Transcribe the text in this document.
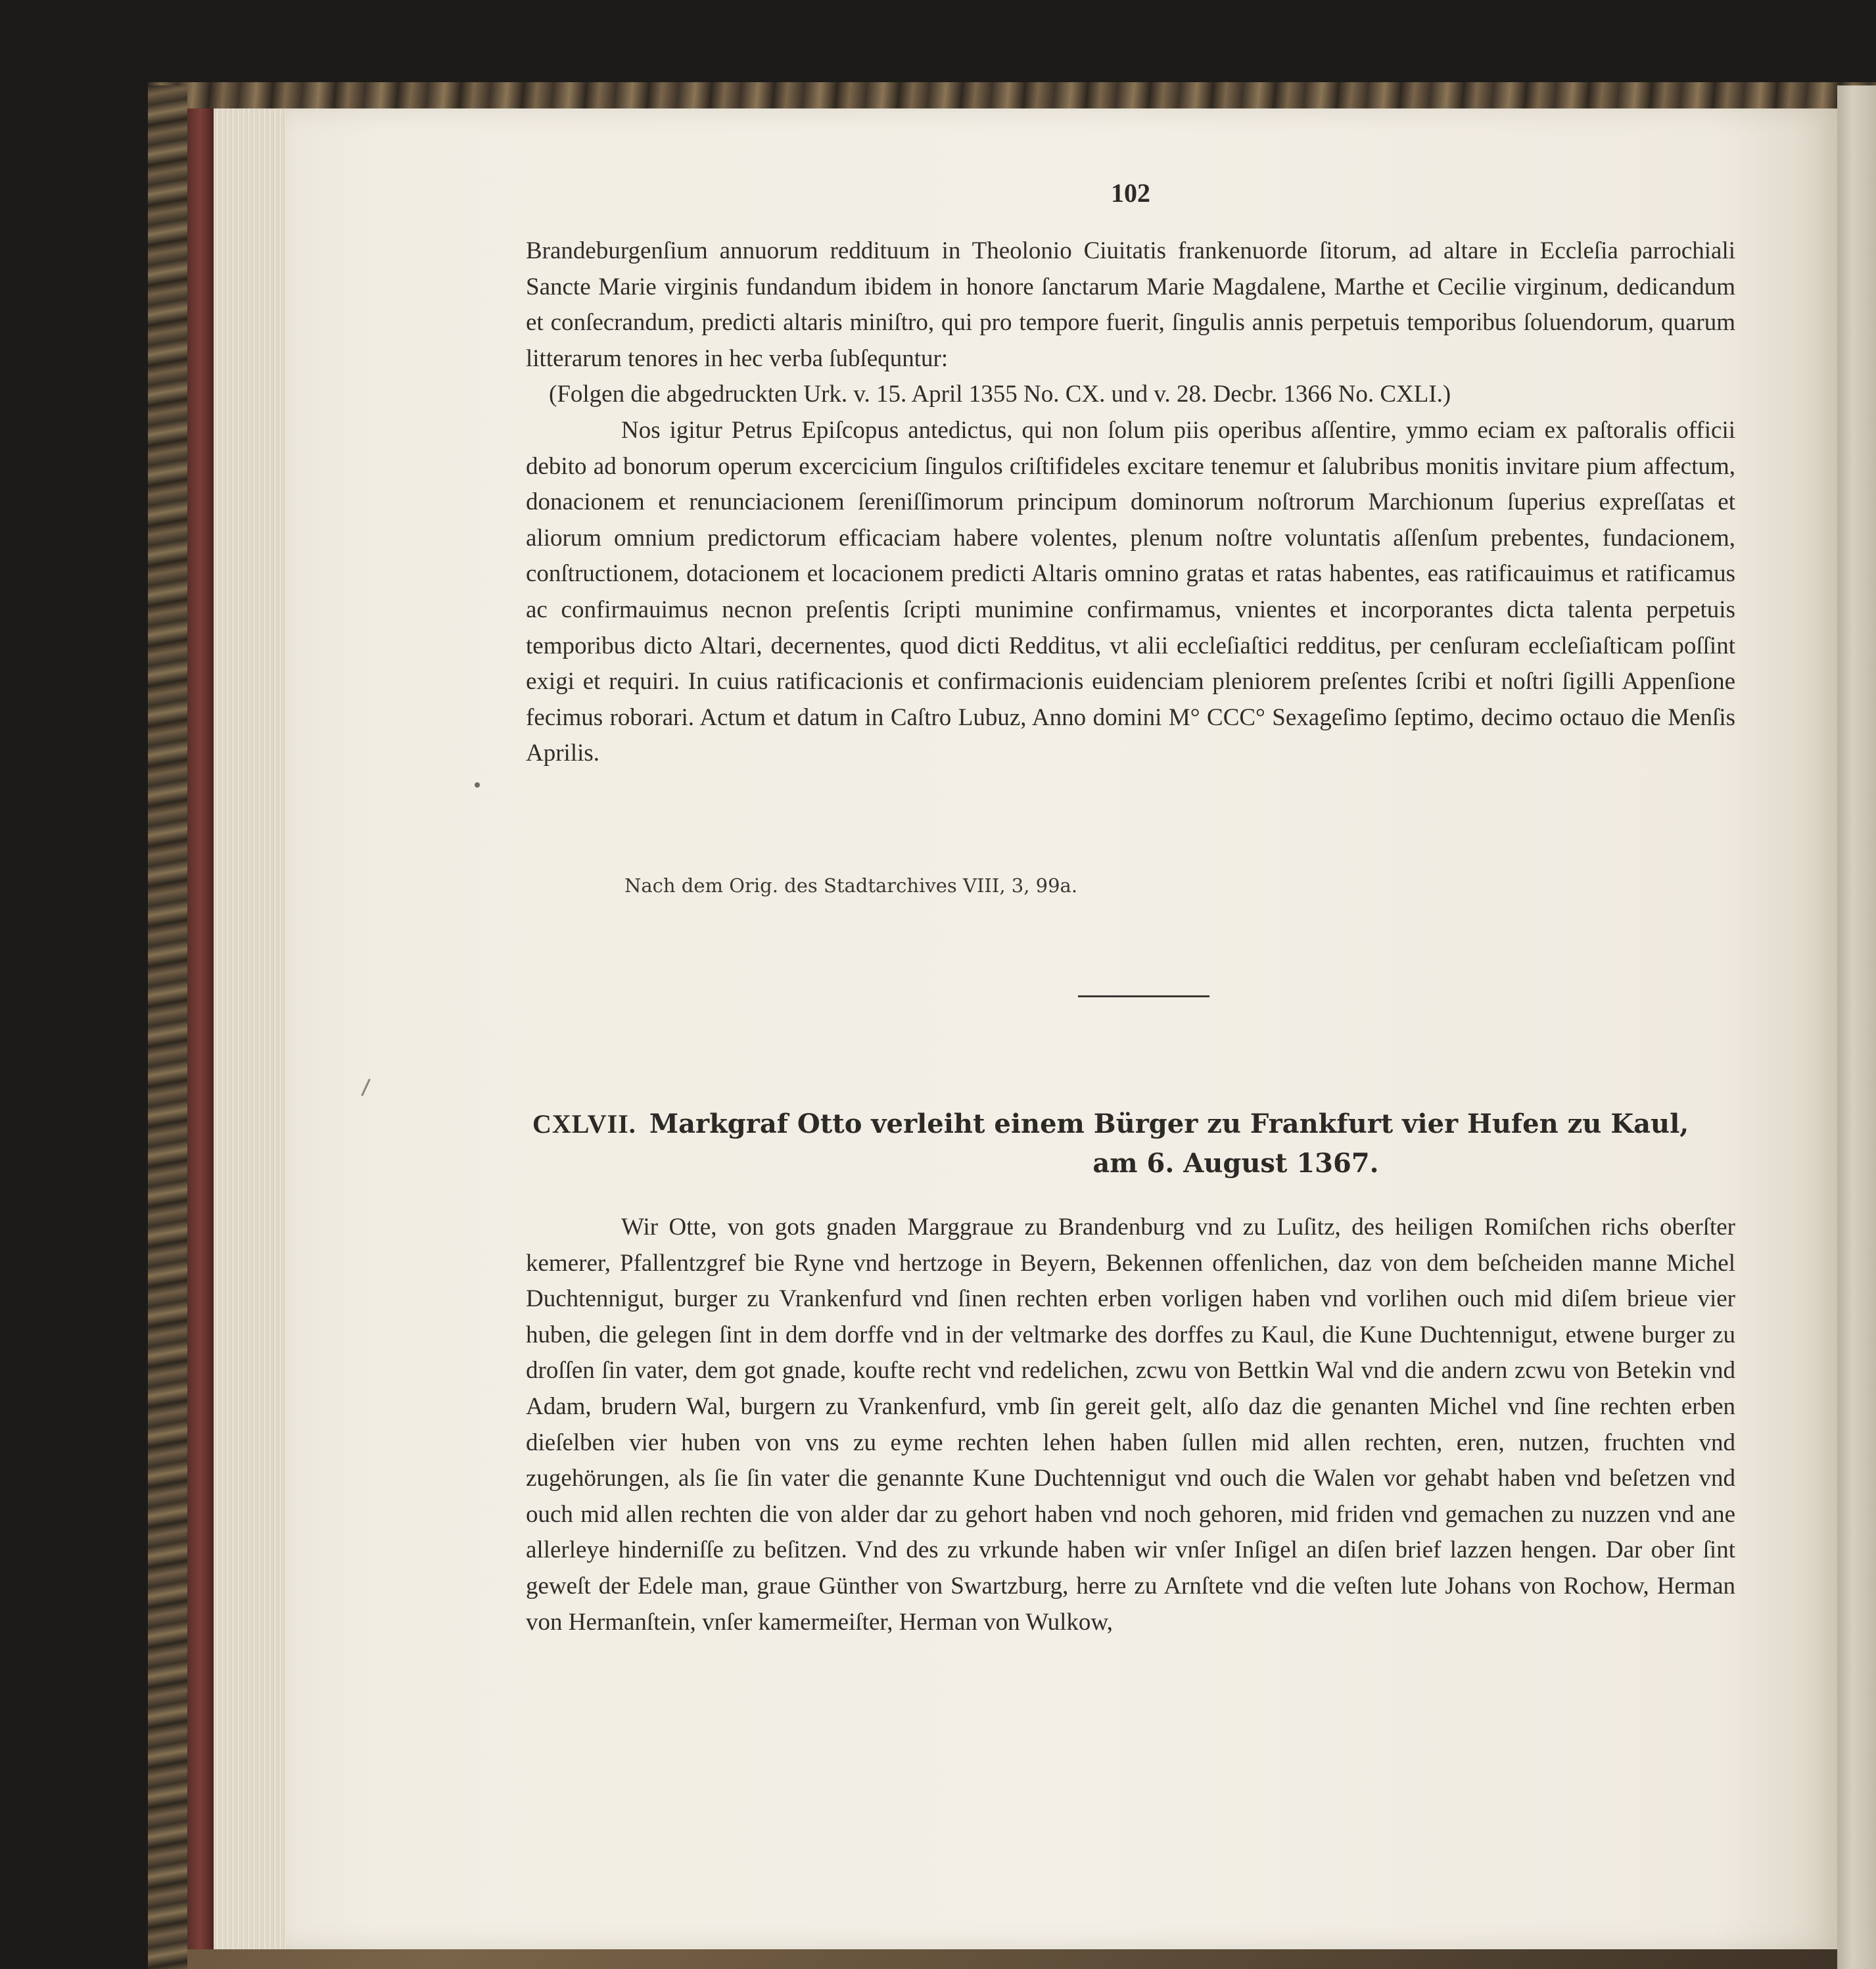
102

Brandeburgenſium annuorum reddituum in Theolonio Ciuitatis frankenuorde ſitorum, ad altare in Eccleſia parrochiali Sancte Marie virginis fundandum ibidem in honore ſanctarum Marie Magdalene, Marthe et Cecilie virginum, dedicandum et conſecrandum, predicti altaris miniſtro, qui pro tempore fuerit, ſingulis annis perpetuis temporibus ſoluendorum, quarum litterarum tenores in hec verba ſubſequntur:

(Folgen die abgedruckten Urk. v. 15. April 1355 No. CX. und v. 28. Decbr. 1366 No. CXLI.)

Nos igitur Petrus Epiſcopus antedictus, qui non ſolum piis operibus aſſentire, ymmo eciam ex paſtoralis officii debito ad bonorum operum excercicium ſingulos criſtifideles excitare tenemur et ſalubribus monitis invitare pium affectum, donacionem et renunciacionem ſereniſſimorum principum dominorum noſtrorum Marchionum ſuperius expreſſatas et aliorum omnium predictorum efficaciam habere volentes, plenum noſtre voluntatis aſſenſum prebentes, fundacionem, conſtructionem, dotacionem et locacionem predicti Altaris omnino gratas et ratas habentes, eas ratificauimus et ratificamus ac confirmauimus necnon preſentis ſcripti munimine confirmamus, vnientes et incorporantes dicta talenta perpetuis temporibus dicto Altari, decernentes, quod dicti Redditus, vt alii eccleſiaſtici redditus, per cenſuram eccleſiaſticam poſſint exigi et requiri. In cuius ratificacionis et confirmacionis euidenciam pleniorem preſentes ſcribi et noſtri ſigilli Appenſione fecimus roborari. Actum et datum in Caſtro Lubuz, Anno domini M° CCC° Sexageſimo ſeptimo, decimo octauo die Menſis Aprilis.

Nach dem Orig. des Stadtarchives VIII, 3, 99a.
CXLVII. Markgraf Otto verleiht einem Bürger zu Frankfurt vier Hufen zu Kaul,
am 6. August 1367.

Wir Otte, von gots gnaden Marggraue zu Brandenburg vnd zu Luſitz, des heiligen Romiſchen richs oberſter kemerer, Pfallentzgref bie Ryne vnd hertzoge in Beyern, Bekennen offenlichen, daz von dem beſcheiden manne Michel Duchtennigut, burger zu Vrankenfurd vnd ſinen rechten erben vorligen haben vnd vorlihen ouch mid diſem brieue vier huben, die gelegen ſint in dem dorffe vnd in der veltmarke des dorffes zu Kaul, die Kune Duchtennigut, etwene burger zu droſſen ſin vater, dem got gnade, koufte recht vnd redelichen, zcwu von Bettkin Wal vnd die andern zcwu von Betekin vnd Adam, brudern Wal, burgern zu Vrankenfurd, vmb ſin gereit gelt, alſo daz die genanten Michel vnd ſine rechten erben dieſelben vier huben von vns zu eyme rechten lehen haben ſullen mid allen rechten, eren, nutzen, fruchten vnd zugehörungen, als ſie ſin vater die genannte Kune Duchtennigut vnd ouch die Walen vor gehabt haben vnd beſetzen vnd ouch mid allen rechten die von alder dar zu gehort haben vnd noch gehoren, mid friden vnd gemachen zu nuzzen vnd ane allerleye hinderniſſe zu beſitzen. Vnd des zu vrkunde haben wir vnſer Inſigel an diſen brief lazzen hengen. Dar ober ſint geweſt der Edele man, graue Günther von Swartzburg, herre zu Arnſtete vnd die veſten lute Johans von Rochow, Herman von Hermanſtein, vnſer kamermeiſter, Herman von Wulkow,
